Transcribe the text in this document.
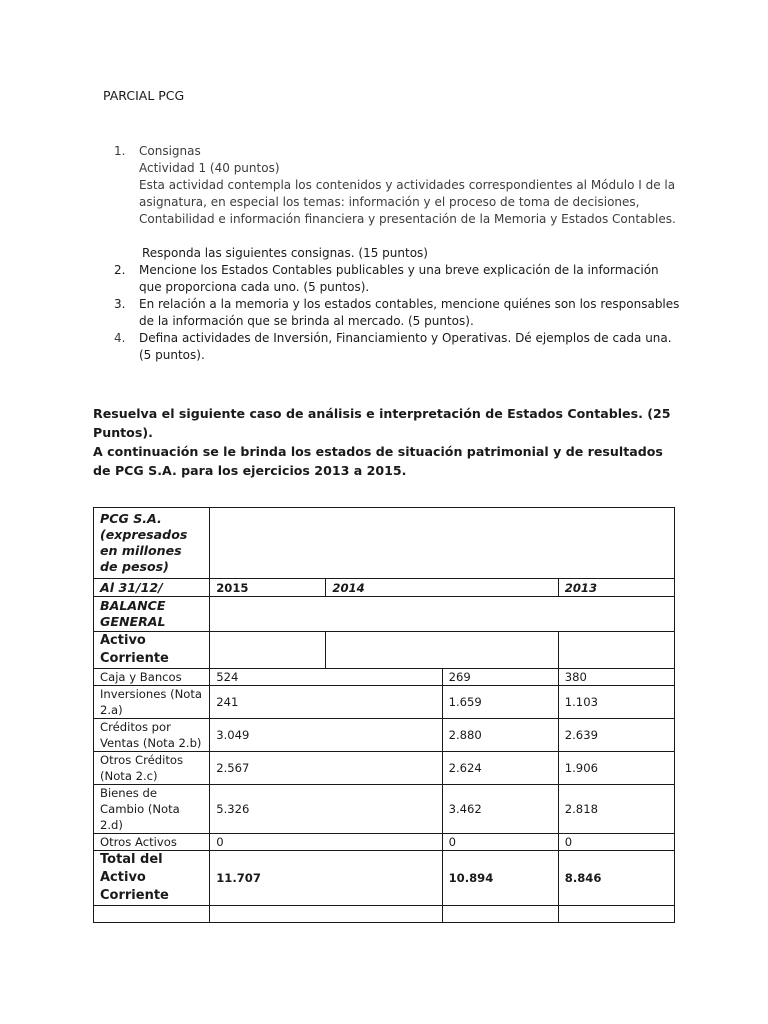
PARCIAL PCG
1.	Consignas
Actividad 1 (40 puntos)
Esta actividad contempla los contenidos y actividades correspondientes al Módulo I de la asignatura, en especial los temas: información y el proceso de toma de decisiones, Contabilidad e información financiera y presentación de la Memoria y Estados Contables.
Responda las siguientes consignas. (15 puntos)
2.	Mencione los Estados Contables publicables y una breve explicación de la información que proporciona cada uno. (5 puntos).
3.	En relación a la memoria y los estados contables, mencione quiénes son los responsables de la información que se brinda al mercado. (5 puntos).
4.	Defina actividades de Inversión, Financiamiento y Operativas. Dé ejemplos de cada una. (5 puntos).
Resuelva el siguiente caso de análisis e interpretación de Estados Contables. (25 Puntos).
A continuación se le brinda los estados de situación patrimonial y de resultados de PCG S.A. para los ejercicios 2013 a 2015.
PCG S.A. (expresados en millones de pesos)				
Al 31/12/	2015	2014		2013
BALANCE GENERAL				
Activo Corriente				
Caja y Bancos	524		269	380
Inversiones (Nota 2.a)	241		1.659	1.103
Créditos por Ventas (Nota 2.b)	3.049		2.880	2.639
Otros Créditos (Nota 2.c)	2.567		2.624	1.906
Bienes de Cambio (Nota 2.d)	5.326		3.462	2.818
Otros Activos	0		0	0
Total del Activo Corriente	11.707		10.894	8.846
